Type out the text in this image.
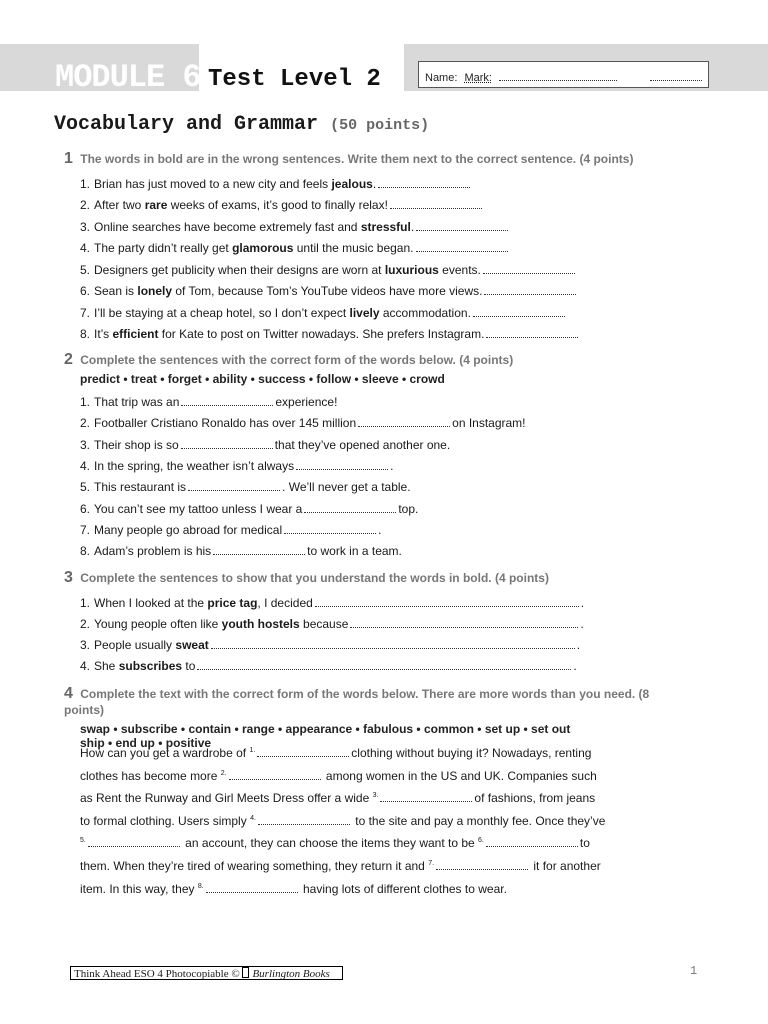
MODULE 6 Test Level 2	Name: Mark:
Vocabulary and Grammar (50 points)
1 The words in bold are in the wrong sentences. Write them next to the correct sentence. (4 points)
1. Brian has just moved to a new city and feels jealous.
2. After two rare weeks of exams, it’s good to finally relax!
3. Online searches have become extremely fast and stressful.
4. The party didn’t really get glamorous until the music began.
5. Designers get publicity when their designs are worn at luxurious events.
6. Sean is lonely of Tom, because Tom’s YouTube videos have more views.
7. I’ll be staying at a cheap hotel, so I don’t expect lively accommodation.
8. It’s efficient for Kate to post on Twitter nowadays. She prefers Instagram.
2 Complete the sentences with the correct form of the words below. (4 points)
predict • treat • forget • ability • success • follow • sleeve • crowd
1. That trip was an	experience!
2. Footballer Cristiano Ronaldo has over 145 million	on Instagram!
3. Their shop is so	that they’ve opened another one.
4. In the spring, the weather isn’t always	.
5. This restaurant is	. We’ll never get a table.
6. You can’t see my tattoo unless I wear a	top.
7. Many people go abroad for medical	.
8. Adam’s problem is his	to work in a team.
3 Complete the sentences to show that you understand the words in bold. (4 points)
1. When I looked at the price tag, I decided	.
2. Young people often like youth hostels because	.
3. People usually sweat	.
4. She subscribes to	.
4 Complete the text with the correct form of the words below. There are more words than you need. (8 points)
swap • subscribe • contain • range • appearance • fabulous • common • set up • set out
ship • end up • positive
How can you get a wardrobe of $^{1.}$	clothing without buying it? Nowadays, renting
clothes has become more $^{2.}$	among women in the US and UK. Companies such
as Rent the Runway and Girl Meets Dress offer a wide $^{3.}$	of fashions, from jeans
to formal clothing. Users simply $^{4.}$	to the site and pay a monthly fee. Once they’ve
$^{5.}$	an account, they can choose the items they want to be $^{6.}$	to
them. When they’re tired of wearing something, they return it and $^{7.}$	it for another
item. In this way, they $^{8.}$	having lots of different clothes to wear.
Think Ahead ESO 4 Photocopiable © Burlington Books	1
